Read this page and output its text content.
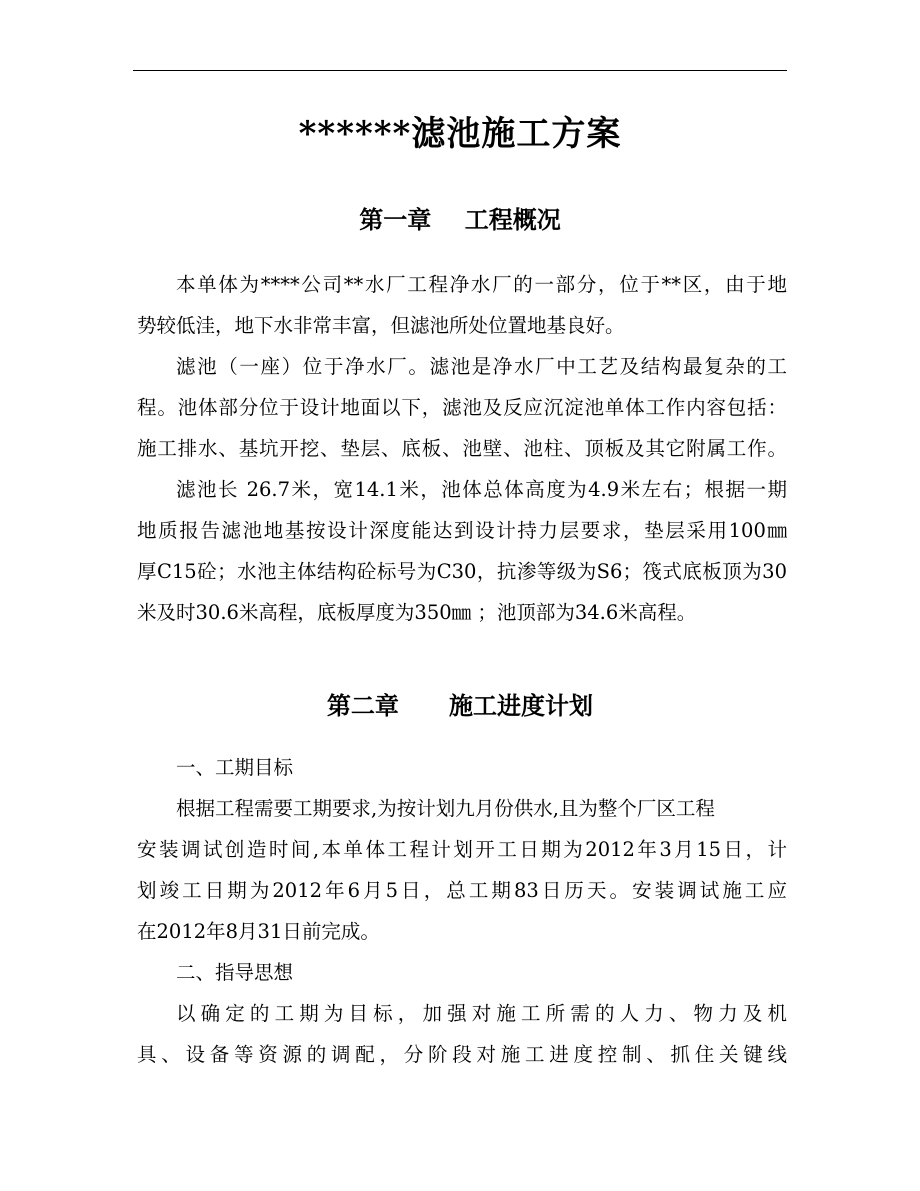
******滤池施工方案
第一章    工程概况
本单体为****公司**水厂工程净水厂的一部分，位于**区，由于地
势较低洼，地下水非常丰富，但滤池所处位置地基良好。
滤池（一座）位于净水厂。滤池是净水厂中工艺及结构最复杂的工
程。池体部分位于设计地面以下，滤池及反应沉淀池单体工作内容包括：
施工排水、基坑开挖、垫层、底板、池壁、池柱、顶板及其它附属工作。
滤池长 26.7米，宽14.1米，池体总体高度为4.9米左右；根据一期
地质报告滤池地基按设计深度能达到设计持力层要求，垫层采用100㎜
厚C15砼；水池主体结构砼标号为C30，抗渗等级为S6；筏式底板顶为30
米及时30.6米高程，底板厚度为350㎜ ；池顶部为34.6米高程。
第二章      施工进度计划
一、工期目标
根据工程需要工期要求,为按计划九月份供水,且为整个厂区工程
安装调试创造时间,本单体工程计划开工日期为2012年3月15日，计
划竣工日期为2012年6月5日，总工期83日历天。安装调试施工应
在2012年8月31日前完成。
二、指导思想
以确定的工期为目标，加强对施工所需的人力、物力及机
具、设备等资源的调配，分阶段对施工进度控制、抓住关键线
